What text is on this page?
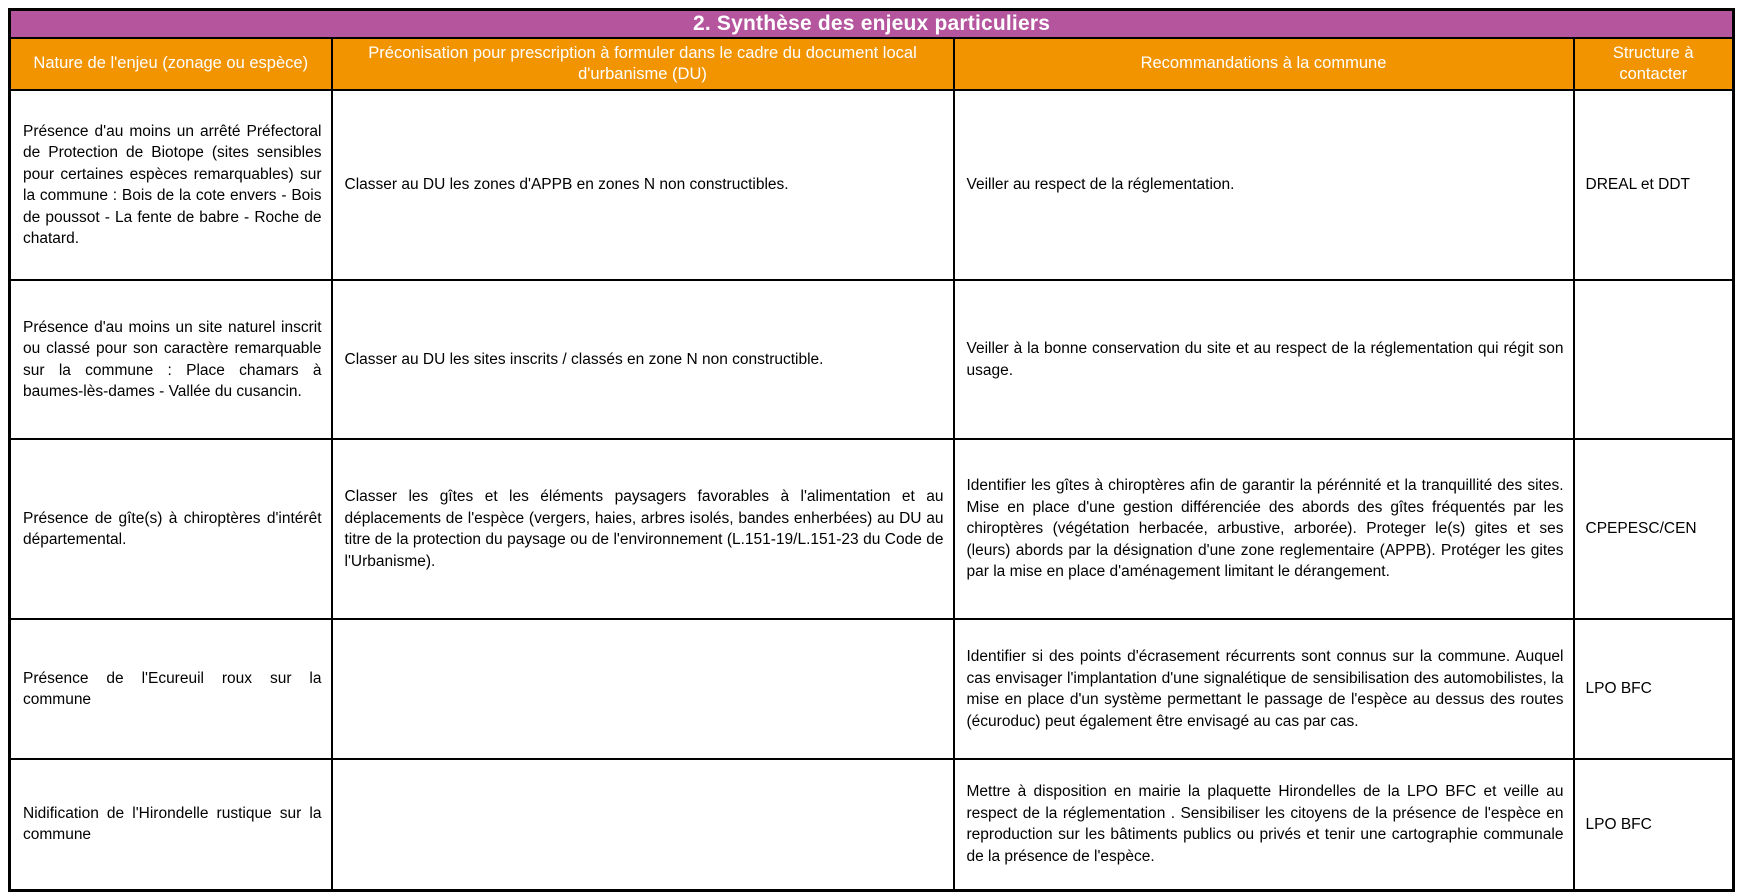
2. Synthèse des enjeux particuliers			
Nature de l'enjeu (zonage ou espèce)	Préconisation pour prescription à formuler dans le cadre du document local d'urbanisme (DU)	Recommandations à la commune	Structure à contacter
Présence d'au moins un arrêté Préfectoral de Protection de Biotope (sites sensibles pour certaines espèces remarquables) sur la commune : Bois de la cote envers - Bois de poussot - La fente de babre - Roche de chatard.	Classer au DU les zones d'APPB en zones N non constructibles.	Veiller au respect de la réglementation.	DREAL et DDT
Présence d'au moins un site naturel inscrit ou classé pour son caractère remarquable sur la commune : Place chamars à baumes-lès-dames - Vallée du cusancin.	Classer au DU les sites inscrits / classés en zone N non constructible.	Veiller à la bonne conservation du site et au respect de la réglementation qui régit son usage.	
Présence de gîte(s) à chiroptères d'intérêt départemental.	Classer les gîtes et les éléments paysagers favorables à l'alimentation et au déplacements de l'espèce (vergers, haies, arbres isolés, bandes enherbées) au DU au titre de la protection du paysage ou de l'environnement (L.151-19/L.151-23 du Code de l'Urbanisme).	Identifier les gîtes à chiroptères afin de garantir la pérénnité et la tranquillité des sites. Mise en place d'une gestion différenciée des abords des gîtes fréquentés par les chiroptères (végétation herbacée, arbustive, arborée). Proteger le(s) gites et ses (leurs) abords par la désignation d'une zone reglementaire (APPB). Protéger les gites par la mise en place d'aménagement limitant le dérangement.	CPEPESC/CEN
Présence de l'Ecureuil roux sur la commune		Identifier si des points d'écrasement récurrents sont connus sur la commune. Auquel cas envisager l'implantation d'une signalétique de sensibilisation des automobilistes, la mise en place d'un système permettant le passage de l'espèce au dessus des routes (écuroduc) peut également être envisagé au cas par cas.	LPO BFC
Nidification de l'Hirondelle rustique sur la commune		Mettre à disposition en mairie la plaquette Hirondelles de la LPO BFC et veille au respect de la réglementation . Sensibiliser les citoyens de la présence de l'espèce en reproduction sur les bâtiments publics ou privés et tenir une cartographie communale de la présence de l'espèce.	LPO BFC
